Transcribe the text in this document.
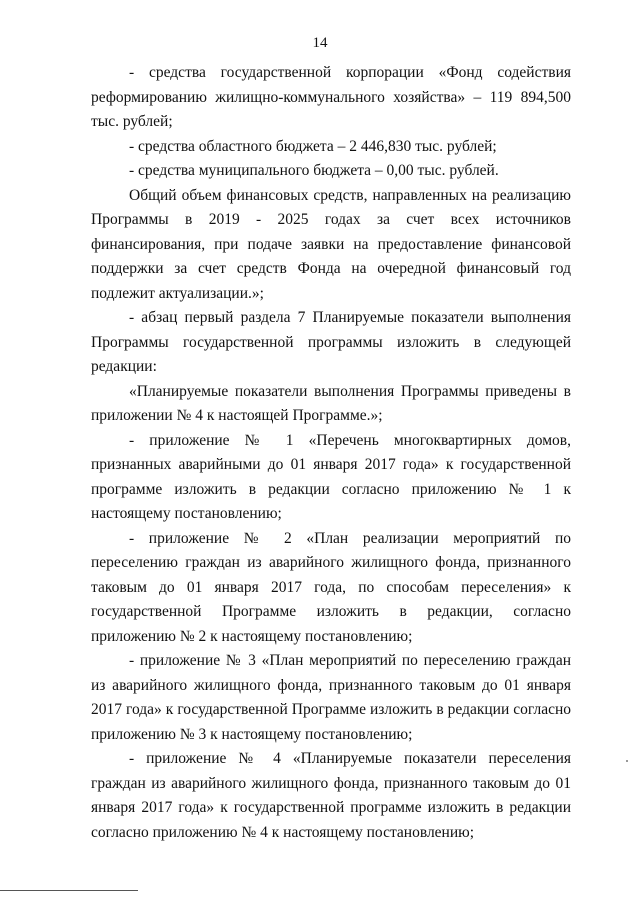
14

- средства государственной корпорации «Фонд содействия реформированию жилищно-коммунального хозяйства» – 119 894,500 тыс. рублей;

- средства областного бюджета – 2 446,830 тыс. рублей;

- средства муниципального бюджета – 0,00 тыс. рублей.

Общий объем финансовых средств, направленных на реализацию Программы в 2019 - 2025 годах за счет всех источников финансирования, при подаче заявки на предоставление финансовой поддержки за счет средств Фонда на очередной финансовый год подлежит актуализации.»;

- абзац первый раздела 7 Планируемые показатели выполнения Программы государственной программы изложить в следующей редакции:

«Планируемые показатели выполнения Программы приведены в приложении № 4 к настоящей Программе.»;

- приложение № 1 «Перечень многоквартирных домов, признанных аварийными до 01 января 2017 года» к государственной программе изложить в редакции согласно приложению № 1 к настоящему постановлению;

- приложение № 2 «План реализации мероприятий по переселению граждан из аварийного жилищного фонда, признанного таковым до 01 января 2017 года, по способам переселения» к государственной Программе изложить в редакции, согласно приложению № 2 к настоящему постановлению;

- приложение № 3 «План мероприятий по переселению граждан из аварийного жилищного фонда, признанного таковым до 01 января 2017 года» к государственной Программе изложить в редакции согласно приложению № 3 к настоящему постановлению;

- приложение № 4 «Планируемые показатели переселения граждан из аварийного жилищного фонда, признанного таковым до 01 января 2017 года» к государственной программе изложить в редакции согласно приложению № 4 к настоящему постановлению;
